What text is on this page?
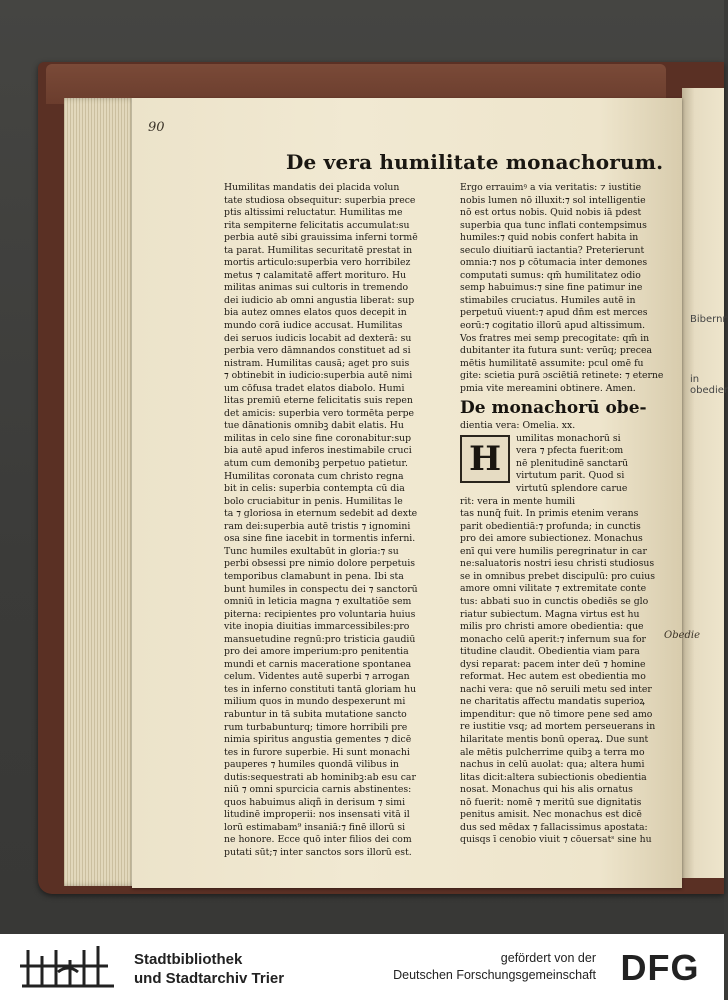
Bibernr
in obedier
90
De vera humilitate monachorum.

Humilitas mandatis dei placida volun

tate studiosa obsequitur: superbia prece

ptis altissimi reluctatur. Humilitas me

rita sempiterne felicitatis accumulat:su

perbia autē sibi grauissima inferni tormē

ta parat. Humilitas securitatē prestat in

mortis articulo:superbia vero horribilez

metus ⁊ calamitatē affert morituro. Hu

militas animas sui cultoris in tremendo

dei iudicio ab omni angustia liberat: sup

bia autez omnes elatos quos decepit in

mundo corā iudice accusat. Humilitas

dei seruos iudicis locabit ad dexterā: su

perbia vero dāmnandos constituet ad si

nistram. Humilitas causā; aget pro suis

⁊ obtinebit in iudicio:superbia autē nimi

um cōfusa tradet elatos diabolo. Humi

litas premiū eterne felicitatis suis repen

det amicis: superbia vero tormēta perpe

tue dānationis omnibꝫ dabit elatis. Hu

militas in celo sine fine coronabitur:sup

bia autē apud inferos inestimabile cruci

atum cum demonibꝫ perpetuo patietur.

Humilitas coronata cum christo regna

bit in celis: superbia contempta cū dia

bolo cruciabitur in penis. Humilitas le

ta ⁊ gloriosa in eternum sedebit ad dexte

ram dei:superbia autē tristis ⁊ ignomini

osa sine fine iacebit in tormentis inferni.

Tunc humiles exultabūt in gloria:⁊ su

perbi obsessi pre nimio dolore perpetuis

temporibus clamabunt in pena. Ibi sta

bunt humiles in conspectu dei ⁊ sanctorū

omniū in leticia magna ⁊ exultatiōe sem

piterna: recipientes pro voluntaria huius

vite inopia diuitias immarcessibiles:pro

mansuetudine regnū:pro tristicia gaudiū

pro dei amore imperium:pro penitentia

mundi et carnis maceratione spontanea

celum. Videntes autē superbi ⁊ arrogan

tes in inferno constituti tantā gloriam hu

milium quos in mundo despexerunt mi

rabuntur in tā subita mutatione sancto

rum turbabunturq; timore horribili pre

nimia spiritus angustia gementes ⁊ dicē

tes in furore superbie. Hi sunt monachi

pauperes ⁊ humiles quondā vilibus in

dutis:sequestrati ab hominibꝫ:ab esu car

niū ⁊ omni spurcicia carnis abstinentes:

quos habuimus aliqñ in derisum ⁊ simi

litudinē improperii: nos insensati vitā il

lorū estimabam⁹ insaniā:⁊ finē illorū si

ne honore. Ecce quō inter filios dei com

putati sūt;⁊ inter sanctos sors illorū est.

Ergo errauimꝰ a via veritatis: ⁊ iustitie

nobis lumen nō illuxit:⁊ sol intelligentie

nō est ortus nobis. Quid nobis iā pdest

superbia qua tunc inflati contempsimus

humiles:⁊ quid nobis confert habita in

seculo diuitiarū iactantia? Preterierunt

omnia:⁊ nos p cōtumacia inter demones

computati sumus: qm̄ humilitatez odio

semp habuimus:⁊ sine fine patimur ine

stimabiles cruciatus. Humiles autē in

perpetuū viuent:⁊ apud dn̄m est merces

eorū:⁊ cogitatio illorū apud altissimum.

Vos fratres mei semp precogitate: qm̄ in

dubitanter ita futura sunt: verūq; precea

mētis humilitatē assumite: pcul omē fu

gite: scietia purā ɔsciētiā retinete: ⁊ eterne

pmia vite mereamini obtinere. Amen.

De monachorū obe-

dientia vera: Omelia. xx.

H

umilitas monachorū si

vera ⁊ pfecta fuerit:om

nē plenitudinē sanctarū

virtutum parit. Quod si

virtutū splendore carue

rit: vera in mente humili

tas nunq̄ fuit. In primis etenim verans

parit obedientiā:⁊ profunda; in cunctis

pro dei amore subiectionez. Monachus

enī qui vere humilis peregrinatur in car

ne:saluatoris nostri iesu christi studiosus

se in omnibus prebet discipulū: pro cuius

amore omni vilitate ⁊ extremitate conte

tus: abbati suo in cunctis obediēs se glo

riatur subiectum. Magna virtus est hu

milis pro christi amore obedientia: que

monacho celū aperit:⁊ infernum sua for

titudine claudit. Obedientia viam para

dysi reparat: pacem inter deū ⁊ homine

reformat. Hec autem est obedientia mo

nachi vera: que nō seruili metu sed inter

ne charitatis affectu mandatis superioꝝ

impenditur: que nō timore pene sed amo

re iustitie vsq; ad mortem perseuerans in

hilaritate mentis bonū operaꝝ. Due sunt

ale mētis pulcherrime quibꝫ a terra mo

nachus in celū auolat: qua; altera humi

litas dicit:altera subiectionis obedientia

nosat. Monachus qui his alis ornatus

nō fuerit: nomē ⁊ meritū sue dignitatis

penitus amisit. Nec monachus est dicē

dus sed mēdax ⁊ fallacissimus apostata:

quisqs ī cenobio viuit ⁊ cōuersatˢ sine hu

Obedie
Stadtbibliothek
und Stadtarchiv Trier
gefördert von der
Deutschen Forschungsgemeinschaft DFG
